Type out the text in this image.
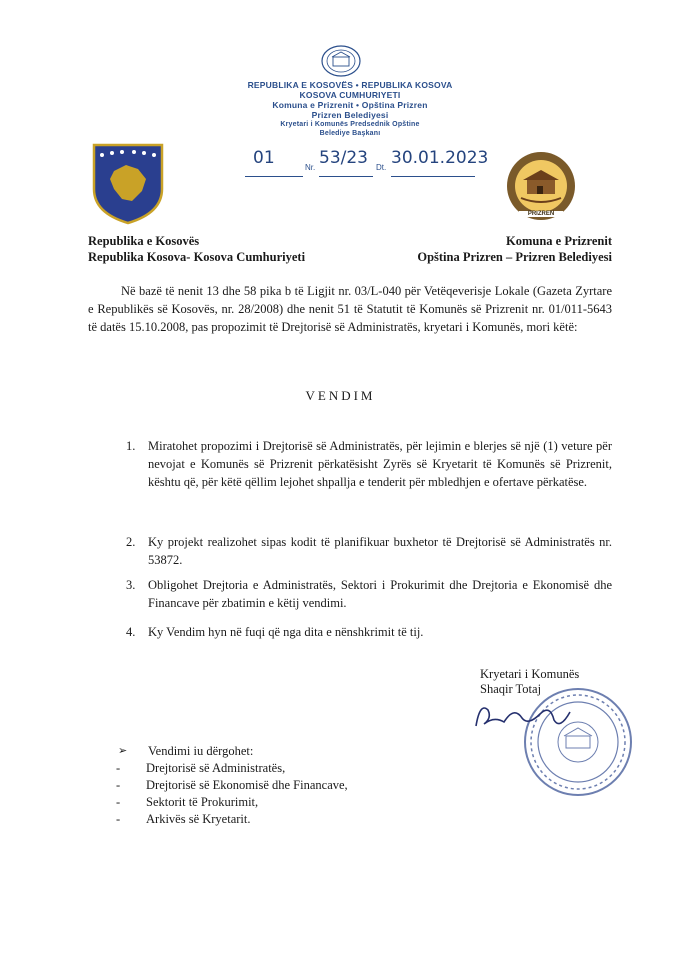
REPUBLIKA E KOSOVËS • REPUBLIKA KOSOVA
KOSOVA CUMHURIYETI
Komuna e Prizrenit • Opština Prizren
Prizren Belediyesi
Kryetari i Komunës Predsednik Opštine
Belediye Başkanı
01	Nr. 53/23 Dt. 30.01.2023
PRIZREN
Republika e Kosovës
Republika Kosova- Kosova Cumhuriyeti
Komuna e Prizrenit
Opština Prizren – Prizren Belediyesi
Në bazë të nenit 13 dhe 58 pika b të Ligjit nr. 03/L-040 për Vetëqeverisje Lokale (Gazeta Zyrtare e Republikës së Kosovës, nr. 28/2008) dhe nenit 51 të Statutit të Komunës së Prizrenit nr. 01/011-5643 të datës 15.10.2008, pas propozimit të Drejtorisë së Administratës, kryetari i Komunës, mori këtë:
VENDIM
1. Miratohet propozimi i Drejtorisë së Administratës, për lejimin e blerjes së një (1) veture për nevojat e Komunës së Prizrenit përkatësisht Zyrës së Kryetarit të Komunës së Prizrenit, kështu që, për këtë qëllim lejohet shpallja e tenderit për mbledhjen e ofertave përkatëse.
2. Ky projekt realizohet sipas kodit të planifikuar buxhetor të Drejtorisë së Administratës nr. 53872.
3. Obligohet Drejtoria e Administratës, Sektori i Prokurimit dhe Drejtoria e Ekonomisë dhe Financave për zbatimin e këtij vendimi.
4. Ky Vendim hyn në fuqi që nga dita e nënshkrimit të tij.
Kryetari i Komunës
Shaqir Totaj
➢ Vendimi iu dërgohet:
- Drejtorisë së Administratës,
- Drejtorisë së Ekonomisë dhe Financave,
- Sektorit të Prokurimit,
- Arkivës së Kryetarit.
